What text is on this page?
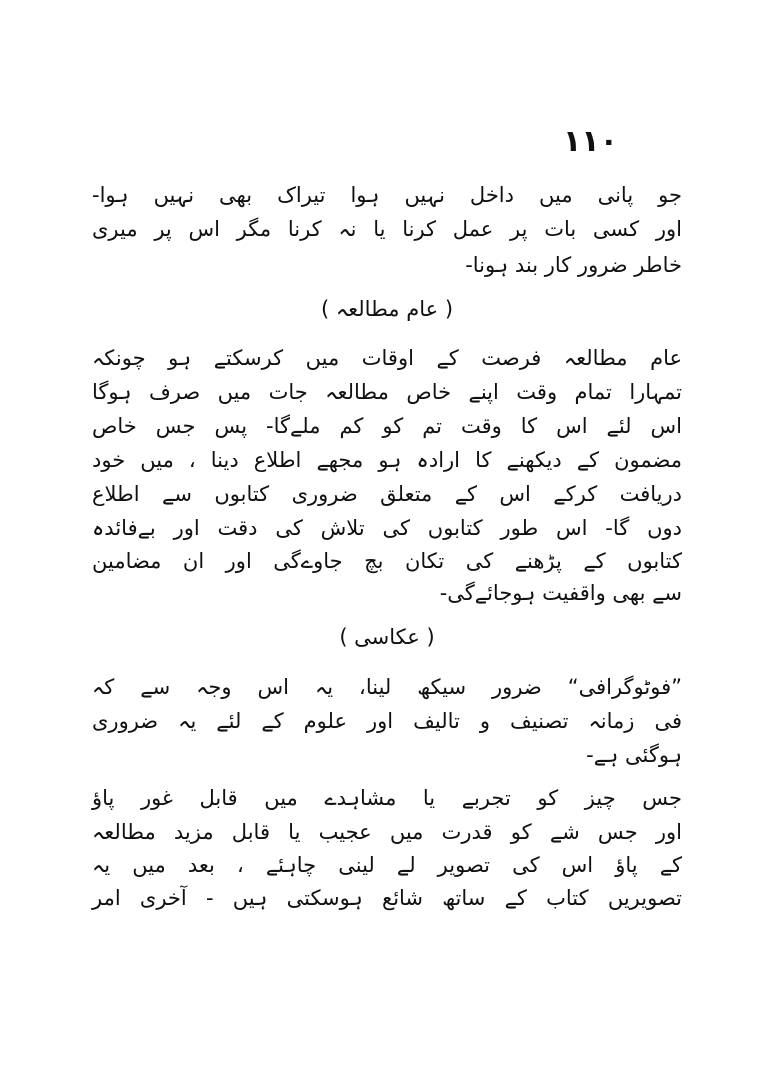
۱۱۰
جو پانی میں داخل نہیں ہوا تیراک بھی نہیں ہوا-
اور کسی بات پر عمل کرنا یا نہ کرنا مگر اس پر میری
خاطر ضرور کار بند ہونا-
( عام مطالعہ )
عام مطالعہ فرصت کے اوقات میں کرسکتے ہو چونکہ
تمہارا تمام وقت اپنے خاص مطالعہ جات میں صرف ہوگا
اس لئے اس کا وقت تم کو کم ملےگا- پس جس خاص
مضمون کے دیکھنے کا ارادہ ہو مجھے اطلاع دینا ، میں خود
دریافت کرکے اس کے متعلق ضروری کتابوں سے اطلاع
دوں گا- اس طور کتابوں کی تلاش کی دقت اور بےفائدہ
کتابوں کے پڑھنے کی تکان بچ جاوےگی اور ان مضامین
سے بھی واقفیت ہوجائےگی-
( عکاسی )
”فوٹوگرافی“ ضرور سیکھ لینا، یہ اس وجہ سے کہ
فی زمانہ تصنیف و تالیف اور علوم کے لئے یہ ضروری
ہوگئی ہے-
جس چیز کو تجربے یا مشاہدے میں قابل غور پاؤ
اور جس شے کو قدرت میں عجیب یا قابل مزید مطالعہ
کے پاؤ اس کی تصویر لے لینی چاہئے ، بعد میں یہ
تصویریں کتاب کے ساتھ شائع ہوسکتی ہیں - آخری امر
